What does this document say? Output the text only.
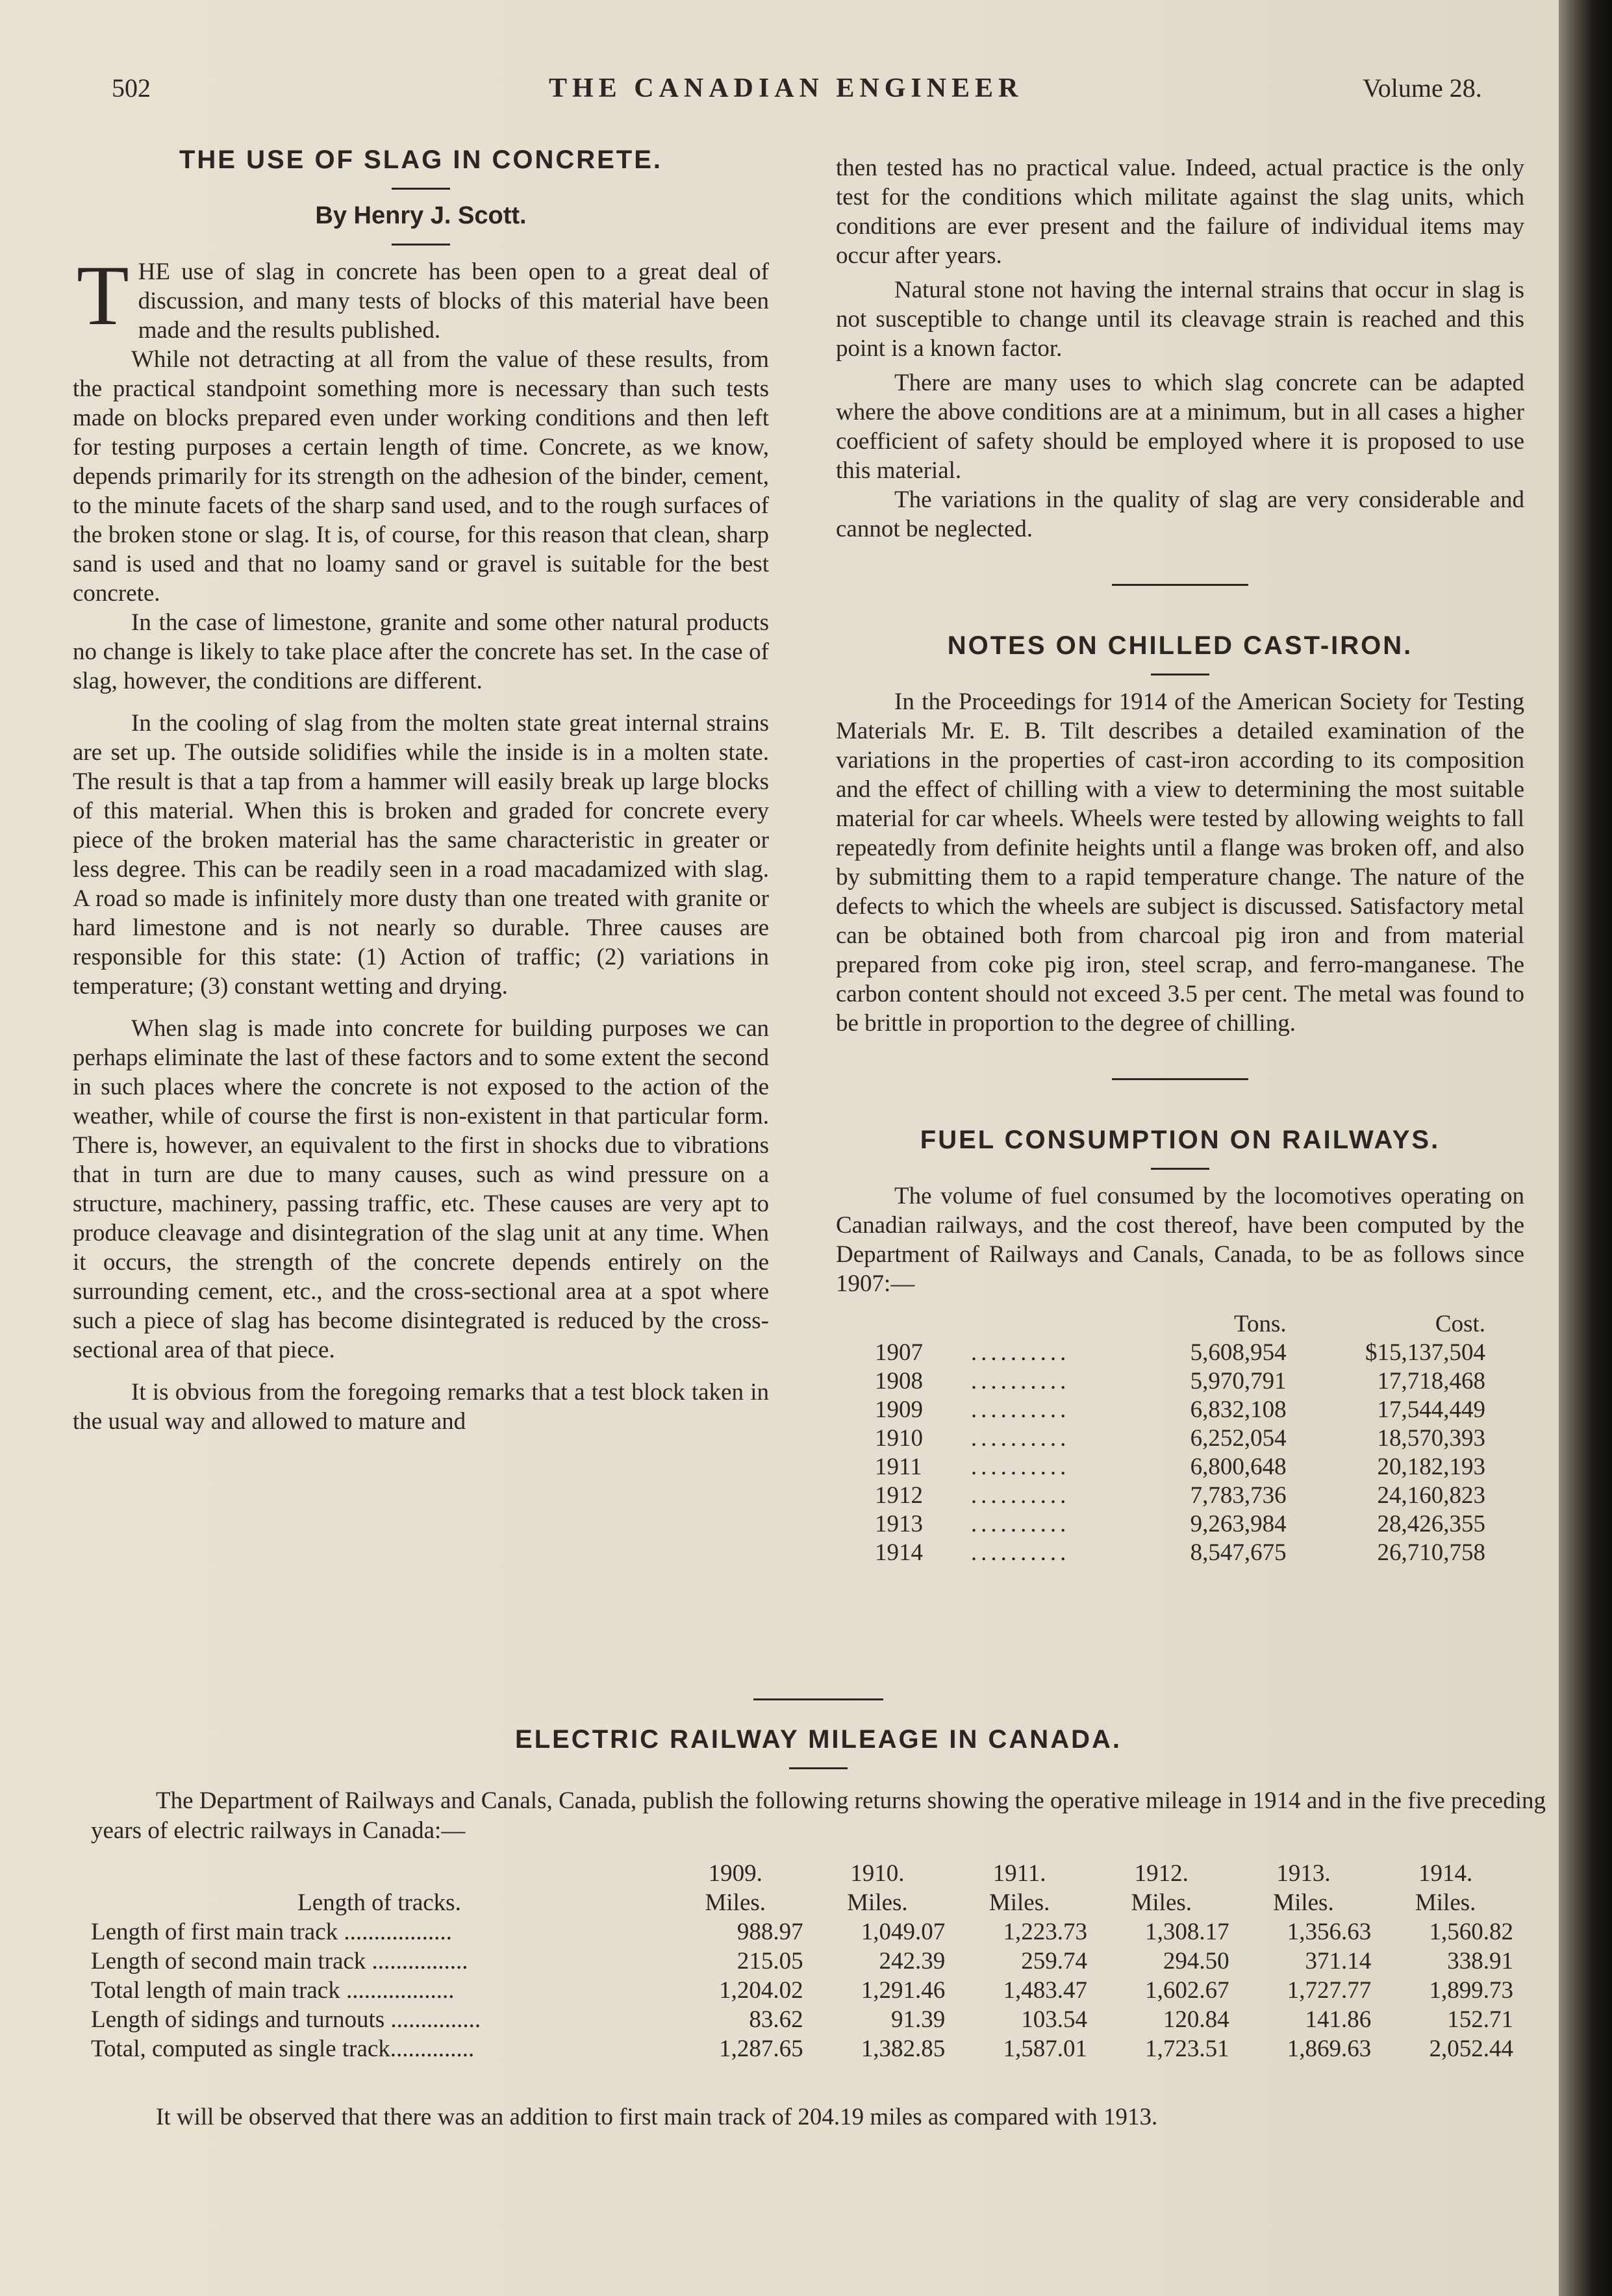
502	THE CANADIAN ENGINEER	Volume 28.
THE USE OF SLAG IN CONCRETE.
By Henry J. Scott.

THE use of slag in concrete has been open to a great deal of discussion, and many tests of blocks of this material have been made and the results published.

While not detracting at all from the value of these results, from the practical standpoint something more is necessary than such tests made on blocks prepared even under working conditions and then left for testing purposes a certain length of time. Concrete, as we know, depends primarily for its strength on the adhesion of the binder, cement, to the minute facets of the sharp sand used, and to the rough surfaces of the broken stone or slag. It is, of course, for this reason that clean, sharp sand is used and that no loamy sand or gravel is suitable for the best concrete.

In the case of limestone, granite and some other natural products no change is likely to take place after the concrete has set. In the case of slag, however, the conditions are different.

In the cooling of slag from the molten state great internal strains are set up. The outside solidifies while the inside is in a molten state. The result is that a tap from a hammer will easily break up large blocks of this material. When this is broken and graded for concrete every piece of the broken material has the same characteristic in greater or less degree. This can be readily seen in a road macadamized with slag. A road so made is infinitely more dusty than one treated with granite or hard limestone and is not nearly so durable. Three causes are responsible for this state: (1) Action of traffic; (2) variations in temperature; (3) constant wetting and drying.

When slag is made into concrete for building purposes we can perhaps eliminate the last of these factors and to some extent the second in such places where the concrete is not exposed to the action of the weather, while of course the first is non-existent in that particular form. There is, however, an equivalent to the first in shocks due to vibrations that in turn are due to many causes, such as wind pressure on a structure, machinery, passing traffic, etc. These causes are very apt to produce cleavage and disintegration of the slag unit at any time. When it occurs, the strength of the concrete depends entirely on the surrounding cement, etc., and the cross-sectional area at a spot where such a piece of slag has become disintegrated is reduced by the cross-sectional area of that piece.

It is obvious from the foregoing remarks that a test block taken in the usual way and allowed to mature and

then tested has no practical value. Indeed, actual practice is the only test for the conditions which militate against the slag units, which conditions are ever present and the failure of individual items may occur after years.

Natural stone not having the internal strains that occur in slag is not susceptible to change until its cleavage strain is reached and this point is a known factor.

There are many uses to which slag concrete can be adapted where the above conditions are at a minimum, but in all cases a higher coefficient of safety should be employed where it is proposed to use this material.

The variations in the quality of slag are very considerable and cannot be neglected.

NOTES ON CHILLED CAST-IRON.

In the Proceedings for 1914 of the American Society for Testing Materials Mr. E. B. Tilt describes a detailed examination of the variations in the properties of cast-iron according to its composition and the effect of chilling with a view to determining the most suitable material for car wheels. Wheels were tested by allowing weights to fall repeatedly from definite heights until a flange was broken off, and also by submitting them to a rapid temperature change. The nature of the defects to which the wheels are subject is discussed. Satisfactory metal can be obtained both from charcoal pig iron and from material prepared from coke pig iron, steel scrap, and ferro-manganese. The carbon content should not exceed 3.5 per cent. The metal was found to be brittle in proportion to the degree of chilling.

FUEL CONSUMPTION ON RAILWAYS.

The volume of fuel consumed by the locomotives operating on Canadian railways, and the cost thereof, have been computed by the Department of Railways and Canals, Canada, to be as follows since 1907:—

		Tons.	Cost.
1907	..........	5,608,954	$15,137,504
1908	..........	5,970,791	17,718,468
1909	..........	6,832,108	17,544,449
1910	..........	6,252,054	18,570,393
1911	..........	6,800,648	20,182,193
1912	..........	7,783,736	24,160,823
1913	..........	9,263,984	28,426,355
1914	..........	8,547,675	26,710,758
ELECTRIC RAILWAY MILEAGE IN CANADA.

The Department of Railways and Canals, Canada, publish the following returns showing the operative mileage in 1914 and in the five preceding years of electric railways in Canada:—

	1909.	1910.	1911.	1912.	1913.	1914.
Length of tracks.	Miles.	Miles.	Miles.	Miles.	Miles.	Miles.
Length of first main track ..................	988.97	1,049.07	1,223.73	1,308.17	1,356.63	1,560.82
Length of second main track ................	215.05	242.39	259.74	294.50	371.14	338.91
Total length of main track ..................	1,204.02	1,291.46	1,483.47	1,602.67	1,727.77	1,899.73
Length of sidings and turnouts ...............	83.62	91.39	103.54	120.84	141.86	152.71
Total, computed as single track..............	1,287.65	1,382.85	1,587.01	1,723.51	1,869.63	2,052.44

It will be observed that there was an addition to first main track of 204.19 miles as compared with 1913.
